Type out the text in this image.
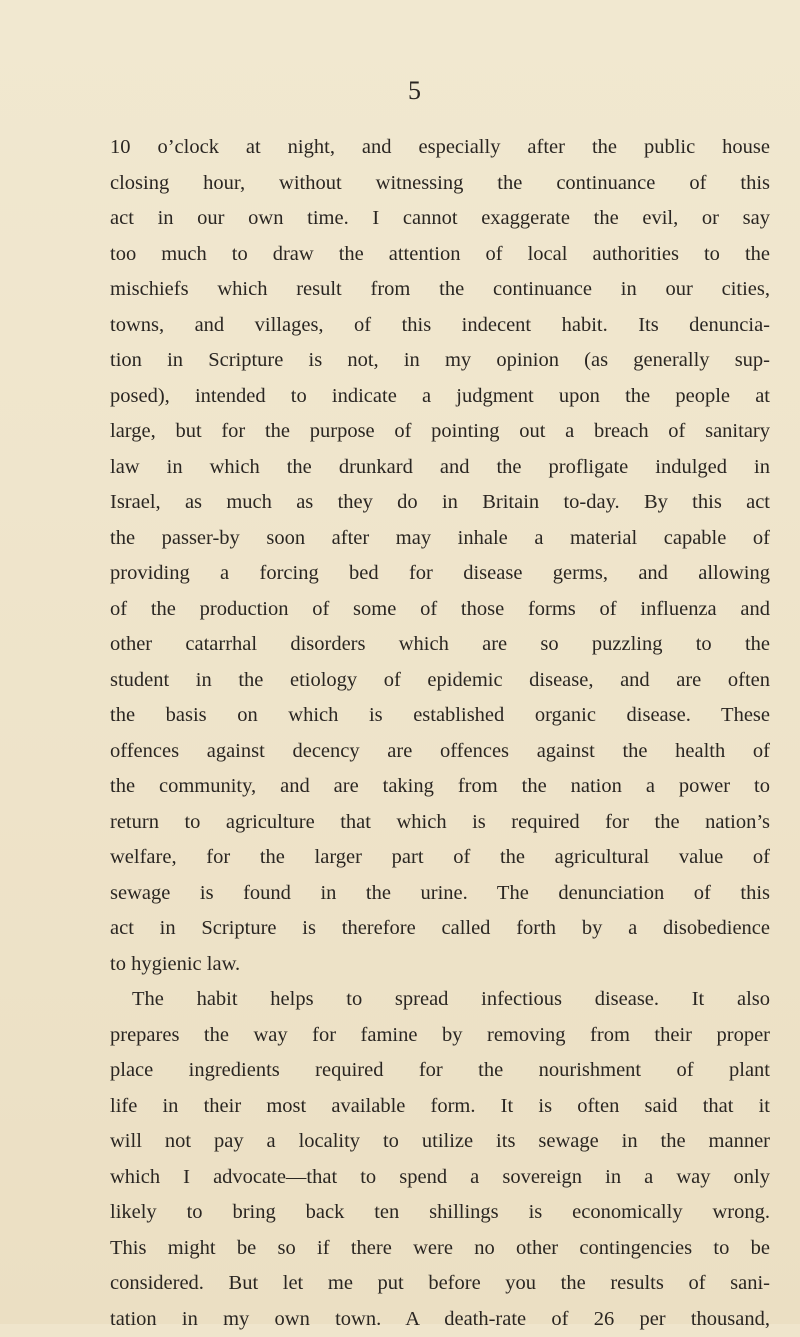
5
10 o’clock at night, and especially after the public house
closing hour, without witnessing the continuance of this
act in our own time. I cannot exaggerate the evil, or say
too much to draw the attention of local authorities to the
mischiefs which result from the continuance in our cities,
towns, and villages, of this indecent habit. Its denuncia-
tion in Scripture is not, in my opinion (as generally sup-
posed), intended to indicate a judgment upon the people at
large, but for the purpose of pointing out a breach of sanitary
law in which the drunkard and the profligate indulged in
Israel, as much as they do in Britain to-day. By this act
the passer-by soon after may inhale a material capable of
providing a forcing bed for disease germs, and allowing
of the production of some of those forms of influenza and
other catarrhal disorders which are so puzzling to the
student in the etiology of epidemic disease, and are often
the basis on which is established organic disease. These
offences against decency are offences against the health of
the community, and are taking from the nation a power to
return to agriculture that which is required for the nation’s
welfare, for the larger part of the agricultural value of
sewage is found in the urine. The denunciation of this
act in Scripture is therefore called forth by a disobedience
to hygienic law.
The habit helps to spread infectious disease. It also
prepares the way for famine by removing from their proper
place ingredients required for the nourishment of plant
life in their most available form. It is often said that it
will not pay a locality to utilize its sewage in the manner
which I advocate—that to spend a sovereign in a way only
likely to bring back ten shillings is economically wrong.
This might be so if there were no other contingencies to be
considered. But let me put before you the results of sani-
tation in my own town. A death-rate of 26 per thousand,
